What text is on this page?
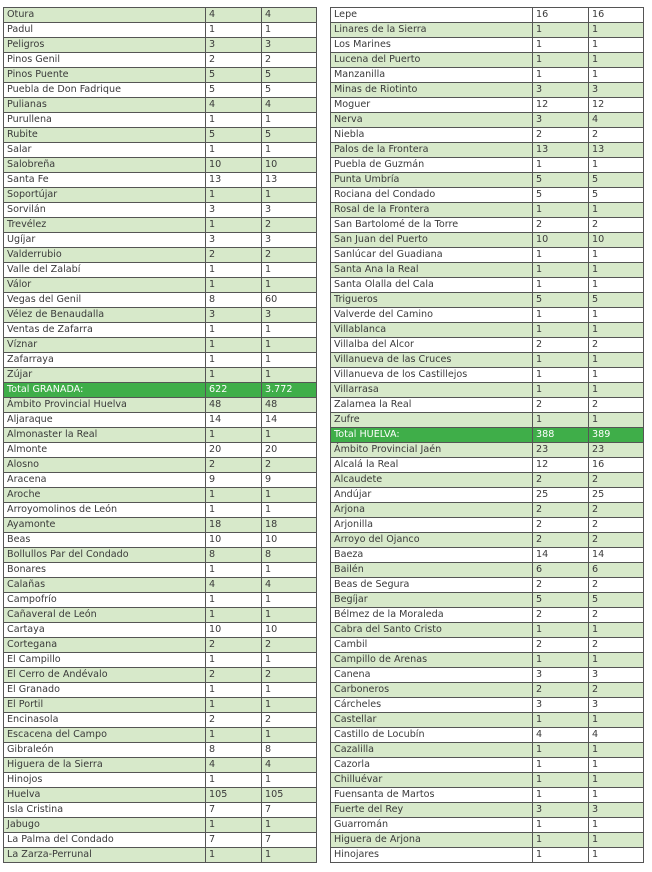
Otura	4	4
Padul	1	1
Peligros	3	3
Pinos Genil	2	2
Pinos Puente	5	5
Puebla de Don Fadrique	5	5
Pulianas	4	4
Purullena	1	1
Rubite	5	5
Salar	1	1
Salobreña	10	10
Santa Fe	13	13
Soportújar	1	1
Sorvilán	3	3
Trevélez	1	2
Ugíjar	3	3
Valderrubio	2	2
Valle del Zalabí	1	1
Válor	1	1
Vegas del Genil	8	60
Vélez de Benaudalla	3	3
Ventas de Zafarra	1	1
Víznar	1	1
Zafarraya	1	1
Zújar	1	1
Total GRANADA:	622	3.772
Ámbito Provincial Huelva	48	48
Aljaraque	14	14
Almonaster la Real	1	1
Almonte	20	20
Alosno	2	2
Aracena	9	9
Aroche	1	1
Arroyomolinos de León	1	1
Ayamonte	18	18
Beas	10	10
Bollullos Par del Condado	8	8
Bonares	1	1
Calañas	4	4
Campofrío	1	1
Cañaveral de León	1	1
Cartaya	10	10
Cortegana	2	2
El Campillo	1	1
El Cerro de Andévalo	2	2
El Granado	1	1
El Portil	1	1
Encinasola	2	2
Escacena del Campo	1	1
Gibraleón	8	8
Higuera de la Sierra	4	4
Hinojos	1	1
Huelva	105	105
Isla Cristina	7	7
Jabugo	1	1
La Palma del Condado	7	7
La Zarza-Perrunal	1	1
Lepe	16	16
Linares de la Sierra	1	1
Los Marines	1	1
Lucena del Puerto	1	1
Manzanilla	1	1
Minas de Riotinto	3	3
Moguer	12	12
Nerva	3	4
Niebla	2	2
Palos de la Frontera	13	13
Puebla de Guzmán	1	1
Punta Umbría	5	5
Rociana del Condado	5	5
Rosal de la Frontera	1	1
San Bartolomé de la Torre	2	2
San Juan del Puerto	10	10
Sanlúcar del Guadiana	1	1
Santa Ana la Real	1	1
Santa Olalla del Cala	1	1
Trigueros	5	5
Valverde del Camino	1	1
Villablanca	1	1
Villalba del Alcor	2	2
Villanueva de las Cruces	1	1
Villanueva de los Castillejos	1	1
Villarrasa	1	1
Zalamea la Real	2	2
Zufre	1	1
Total HUELVA:	388	389
Ámbito Provincial Jaén	23	23
Alcalá la Real	12	16
Alcaudete	2	2
Andújar	25	25
Arjona	2	2
Arjonilla	2	2
Arroyo del Ojanco	2	2
Baeza	14	14
Bailén	6	6
Beas de Segura	2	2
Begíjar	5	5
Bélmez de la Moraleda	2	2
Cabra del Santo Cristo	1	1
Cambil	2	2
Campillo de Arenas	1	1
Canena	3	3
Carboneros	2	2
Cárcheles	3	3
Castellar	1	1
Castillo de Locubín	4	4
Cazalilla	1	1
Cazorla	1	1
Chilluévar	1	1
Fuensanta de Martos	1	1
Fuerte del Rey	3	3
Guarromán	1	1
Higuera de Arjona	1	1
Hinojares	1	1
